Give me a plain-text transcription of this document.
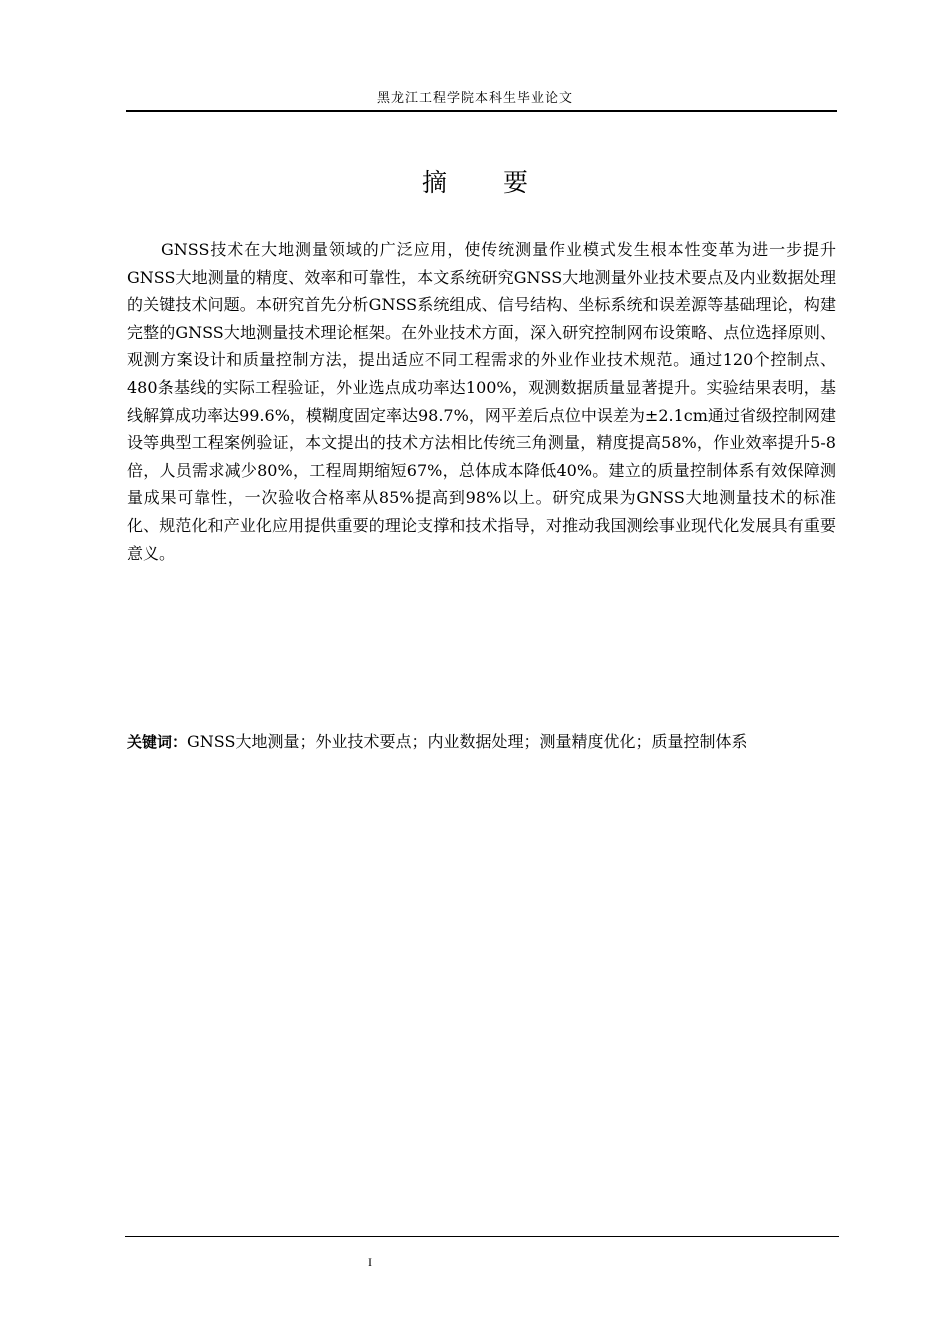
黑龙江工程学院本科生毕业论文
摘 要

GNSS技术在大地测量领域的广泛应用，使传统测量作业模式发生根本性变革为进一步提升GNSS大地测量的精度、效率和可靠性，本文系统研究GNSS大地测量外业技术要点及内业数据处理的关键技术问题。本研究首先分析GNSS系统组成、信号结构、坐标系统和误差源等基础理论，构建完整的GNSS大地测量技术理论框架。在外业技术方面，深入研究控制网布设策略、点位选择原则、观测方案设计和质量控制方法，提出适应不同工程需求的外业作业技术规范。通过120个控制点、480条基线的实际工程验证，外业选点成功率达100%，观测数据质量显著提升。实验结果表明，基线解算成功率达99.6%，模糊度固定率达98.7%，网平差后点位中误差为±2.1cm通过省级控制网建设等典型工程案例验证，本文提出的技术方法相比传统三角测量，精度提高58%，作业效率提升5-8倍，人员需求减少80%，工程周期缩短67%，总体成本降低40%。建立的质量控制体系有效保障测量成果可靠性，一次验收合格率从85%提高到98%以上。研究成果为GNSS大地测量技术的标准化、规范化和产业化应用提供重要的理论支撑和技术指导，对推动我国测绘事业现代化发展具有重要意义。

关键词：GNSS大地测量；外业技术要点；内业数据处理；测量精度优化；质量控制体系

I
